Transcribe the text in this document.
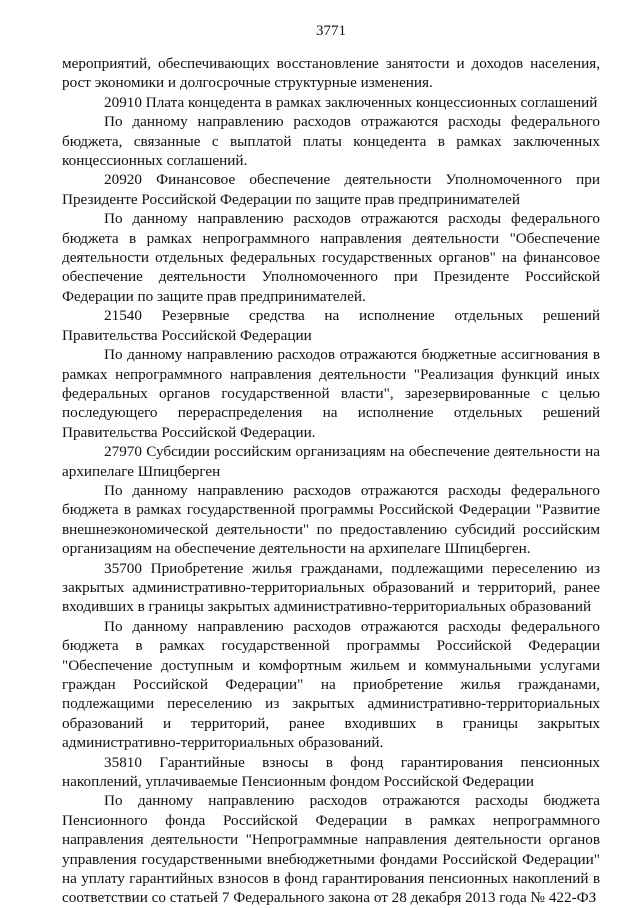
3771

мероприятий, обеспечивающих восстановление занятости и доходов населения, рост экономики и долгосрочные структурные изменения.

20910 Плата концедента в рамках заключенных концессионных соглашений

По данному направлению расходов отражаются расходы федерального бюджета, связанные с выплатой платы концедента в рамках заключенных концессионных соглашений.

20920 Финансовое обеспечение деятельности Уполномоченного при Президенте Российской Федерации по защите прав предпринимателей

По данному направлению расходов отражаются расходы федерального бюджета в рамках непрограммного направления деятельности "Обеспечение деятельности отдельных федеральных государственных органов" на финансовое обеспечение деятельности Уполномоченного при Президенте Российской Федерации по защите прав предпринимателей.

21540 Резервные средства на исполнение отдельных решений Правительства Российской Федерации

По данному направлению расходов отражаются бюджетные ассигнования в рамках непрограммного направления деятельности "Реализация функций иных федеральных органов государственной власти", зарезервированные с целью последующего перераспределения на исполнение отдельных решений Правительства Российской Федерации.

27970 Субсидии российским организациям на обеспечение деятельности на архипелаге Шпицберген

По данному направлению расходов отражаются расходы федерального бюджета в рамках государственной программы Российской Федерации "Развитие внешнеэкономической деятельности" по предоставлению субсидий российским организациям на обеспечение деятельности на архипелаге Шпицберген.

35700 Приобретение жилья гражданами, подлежащими переселению из закрытых административно-территориальных образований и территорий, ранее входивших в границы закрытых административно-территориальных образований

По данному направлению расходов отражаются расходы федерального бюджета в рамках государственной программы Российской Федерации "Обеспечение доступным и комфортным жильем и коммунальными услугами граждан Российской Федерации" на приобретение жилья гражданами, подлежащими переселению из закрытых административно-территориальных образований и территорий, ранее входивших в границы закрытых административно-территориальных образований.

35810 Гарантийные взносы в фонд гарантирования пенсионных накоплений, уплачиваемые Пенсионным фондом Российской Федерации

По данному направлению расходов отражаются расходы бюджета Пенсионного фонда Российской Федерации в рамках непрограммного направления деятельности "Непрограммные направления деятельности органов управления государственными внебюджетными фондами Российской Федерации" на уплату гарантийных взносов в фонд гарантирования пенсионных накоплений в соответствии со статьей 7 Федерального закона от 28 декабря 2013 года № 422-ФЗ
